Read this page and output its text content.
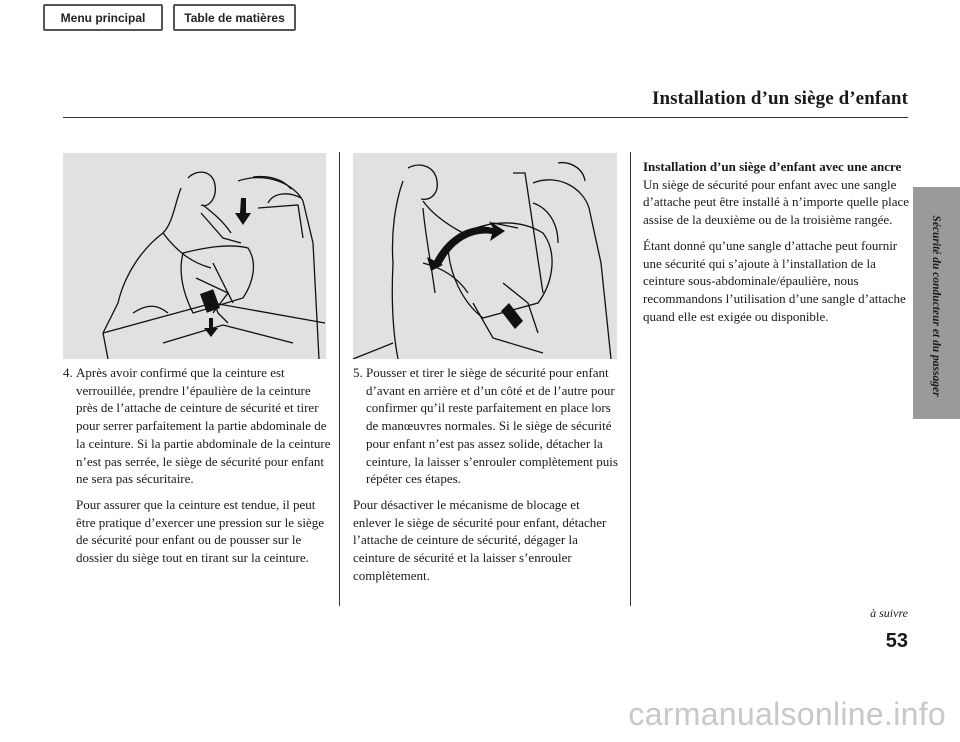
Menu principal	Table de matières
Installation d’un siège d’enfant
Sécurité du conducteur et du passager

4. Après avoir confirmé que la ceinture est verrouillée, prendre l’épaulière de la ceinture près de l’attache de ceinture de sécurité et tirer pour serrer parfaitement la partie abdominale de la ceinture. Si la partie abdominale de la ceinture n’est pas serrée, le siège de sécurité pour enfant ne sera pas sécuritaire.

Pour assurer que la ceinture est tendue, il peut être pratique d’exercer une pression sur le siège de sécurité pour enfant ou de pousser sur le dossier du siège tout en tirant sur la ceinture.

5. Pousser et tirer le siège de sécurité pour enfant d’avant en arrière et d’un côté et de l’autre pour confirmer qu’il reste parfaitement en place lors de manœuvres normales. Si le siège de sécurité pour enfant n’est pas assez solide, détacher la ceinture, la laisser s’enrouler complètement puis répéter ces étapes.

Pour désactiver le mécanisme de blocage et enlever le siège de sécurité pour enfant, détacher l’attache de ceinture de sécurité, dégager la ceinture de sécurité et la laisser s’enrouler complètement.

Installation d’un siège d’enfant avec une ancre

Un siège de sécurité pour enfant avec une sangle d’attache peut être installé à n’importe quelle place assise de la deuxième ou de la troisième rangée.

Étant donné qu’une sangle d’attache peut fournir une sécurité qui s’ajoute à l’installation de la ceinture sous-abdominale/épaulière, nous recommandons l’utilisation d’une sangle d’attache quand elle est exigée ou disponible.

à suivre
53
carmanualsonline.info
